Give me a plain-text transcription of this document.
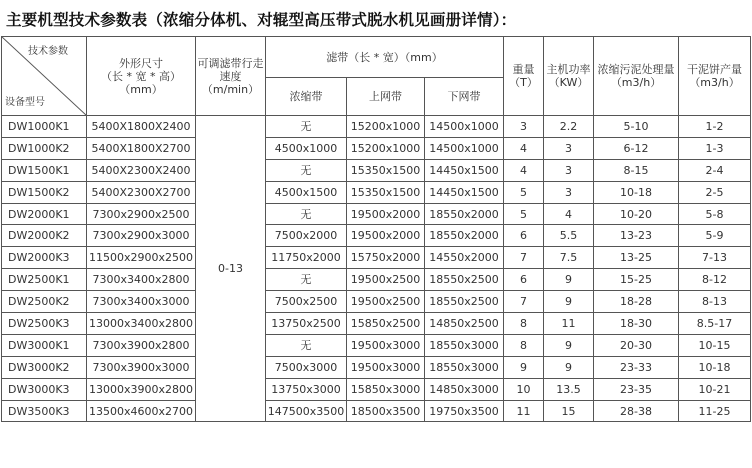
主要机型技术参数表（浓缩分体机、对辊型高压带式脱水机见画册详情）：
技术参数
设备型号	外形尺寸
（长 * 宽 * 高）
（mm）	可调滤带行走
速度
（m/min）	滤带（长 * 宽）（mm）			重量
（T）	主机功率
（KW）	浓缩污泥处理量
（m3/h）	干泥饼产量
（m3/h）

			浓缩带	上网带	下网带				
DW1000K1	5400X1800X2400	0-13	无	15200x1000	14500x1000	3	2.2	5-10	1-2
DW1000K2	5400X1800X2700		4500x1000	15200x1000	14500x1000	4	3	6-12	1-3
DW1500K1	5400X2300X2400		无	15350x1500	14450x1500	4	3	8-15	2-4
DW1500K2	5400X2300X2700		4500x1500	15350x1500	14450x1500	5	3	10-18	2-5
DW2000K1	7300x2900x2500		无	19500x2000	18550x2000	5	4	10-20	5-8
DW2000K2	7300x2900x3000		7500x2000	19500x2000	18550x2000	6	5.5	13-23	5-9
DW2000K3	11500x2900x2500		11750x2000	15750x2000	14550x2000	7	7.5	13-25	7-13
DW2500K1	7300x3400x2800		无	19500x2500	18550x2500	6	9	15-25	8-12
DW2500K2	7300x3400x3000		7500x2500	19500x2500	18550x2500	7	9	18-28	8-13
DW2500K3	13000x3400x2800		13750x2500	15850x2500	14850x2500	8	11	18-30	8.5-17
DW3000K1	7300x3900x2800		无	19500x3000	18550x3000	8	9	20-30	10-15
DW3000K2	7300x3900x3000		7500x3000	19500x3000	18550x3000	9	9	23-33	10-18
DW3000K3	13000x3900x2800		13750x3000	15850x3000	14850x3000	10	13.5	23-35	10-21
DW3500K3	13500x4600x2700		147500x3500	18500x3500	19750x3500	11	15	28-38	11-25
